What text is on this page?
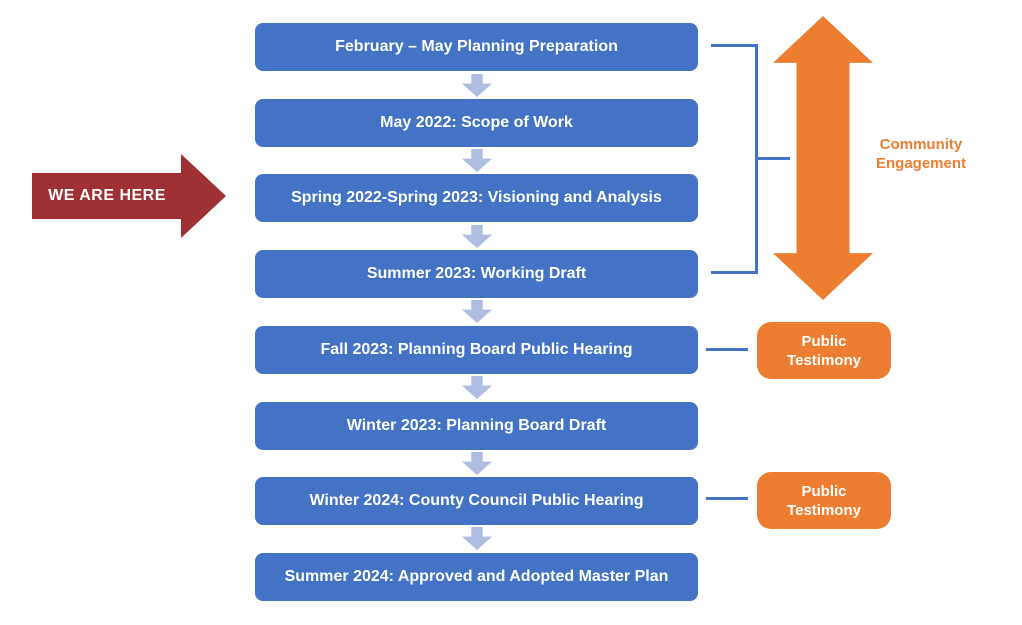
February – May Planning Preparation
May 2022: Scope of Work
Spring 2022-Spring 2023: Visioning and Analysis
Summer 2023: Working Draft
Fall 2023: Planning Board Public Hearing
Winter 2023: Planning Board Draft
Winter 2024: County Council Public Hearing
Summer 2024: Approved and Adopted Master Plan
WE ARE HERE
Community Engagement
Public Testimony
Public Testimony
